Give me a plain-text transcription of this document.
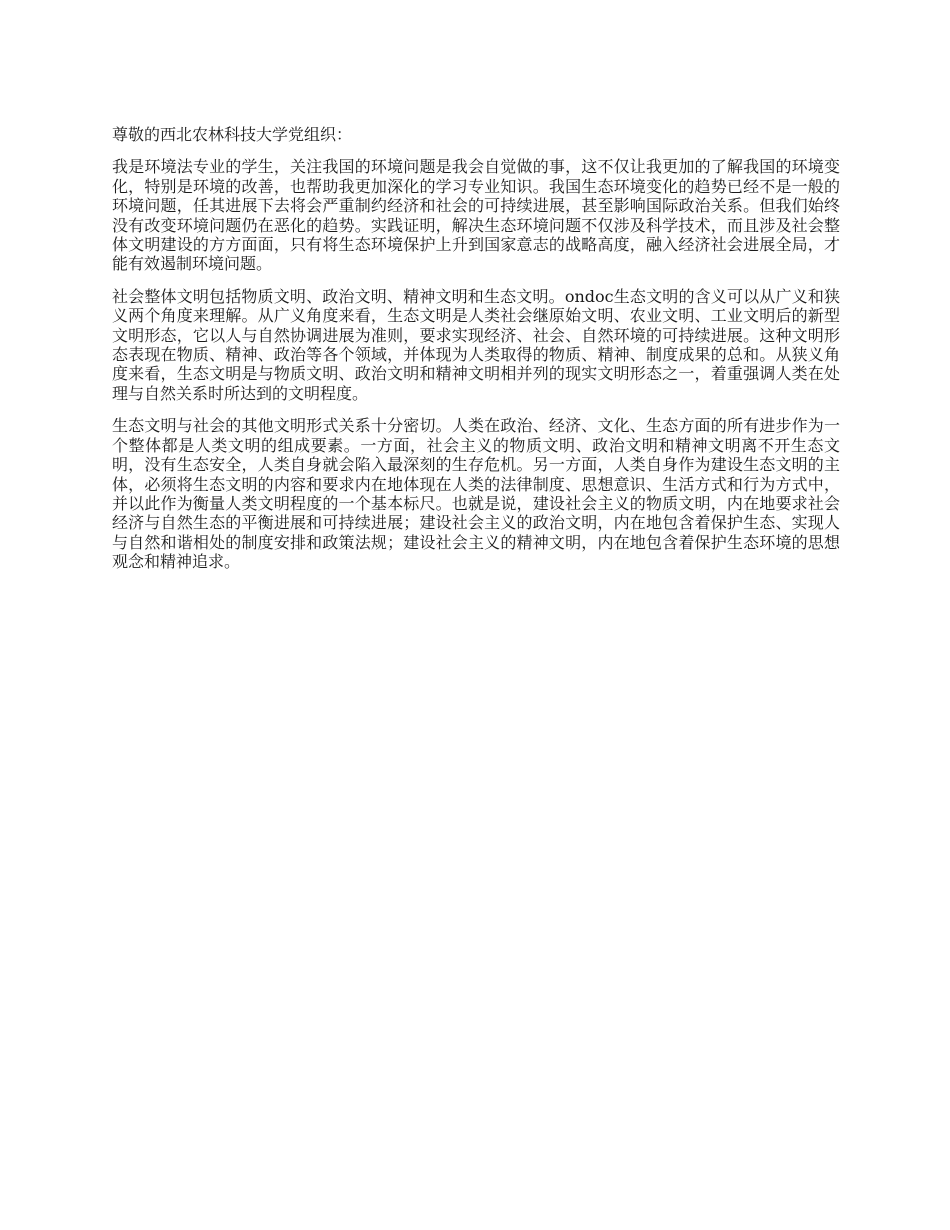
尊敬的西北农林科技大学党组织：

我是环境法专业的学生，关注我国的环境问题是我会自觉做的事，这不仅让我更加的了解我国的环境变化，特别是环境的改善，也帮助我更加深化的学习专业知识。我国生态环境变化的趋势已经不是一般的环境问题，任其进展下去将会严重制约经济和社会的可持续进展，甚至影响国际政治关系。但我们始终没有改变环境问题仍在恶化的趋势。实践证明，解决生态环境问题不仅涉及科学技术，而且涉及社会整体文明建设的方方面面，只有将生态环境保护上升到国家意志的战略高度，融入经济社会进展全局，才能有效遏制环境问题。

社会整体文明包括物质文明、政治文明、精神文明和生态文明。ondoc生态文明的含义可以从广义和狭义两个角度来理解。从广义角度来看，生态文明是人类社会继原始文明、农业文明、工业文明后的新型文明形态，它以人与自然协调进展为准则，要求实现经济、社会、自然环境的可持续进展。这种文明形态表现在物质、精神、政治等各个领域，并体现为人类取得的物质、精神、制度成果的总和。从狭义角度来看，生态文明是与物质文明、政治文明和精神文明相并列的现实文明形态之一，着重强调人类在处理与自然关系时所达到的文明程度。

生态文明与社会的其他文明形式关系十分密切。人类在政治、经济、文化、生态方面的所有进步作为一个整体都是人类文明的组成要素。一方面，社会主义的物质文明、政治文明和精神文明离不开生态文明，没有生态安全，人类自身就会陷入最深刻的生存危机。另一方面，人类自身作为建设生态文明的主体，必须将生态文明的内容和要求内在地体现在人类的法律制度、思想意识、生活方式和行为方式中，并以此作为衡量人类文明程度的一个基本标尺。也就是说，建设社会主义的物质文明，内在地要求社会经济与自然生态的平衡进展和可持续进展；建设社会主义的政治文明，内在地包含着保护生态、实现人与自然和谐相处的制度安排和政策法规；建设社会主义的精神文明，内在地包含着保护生态环境的思想观念和精神追求。
